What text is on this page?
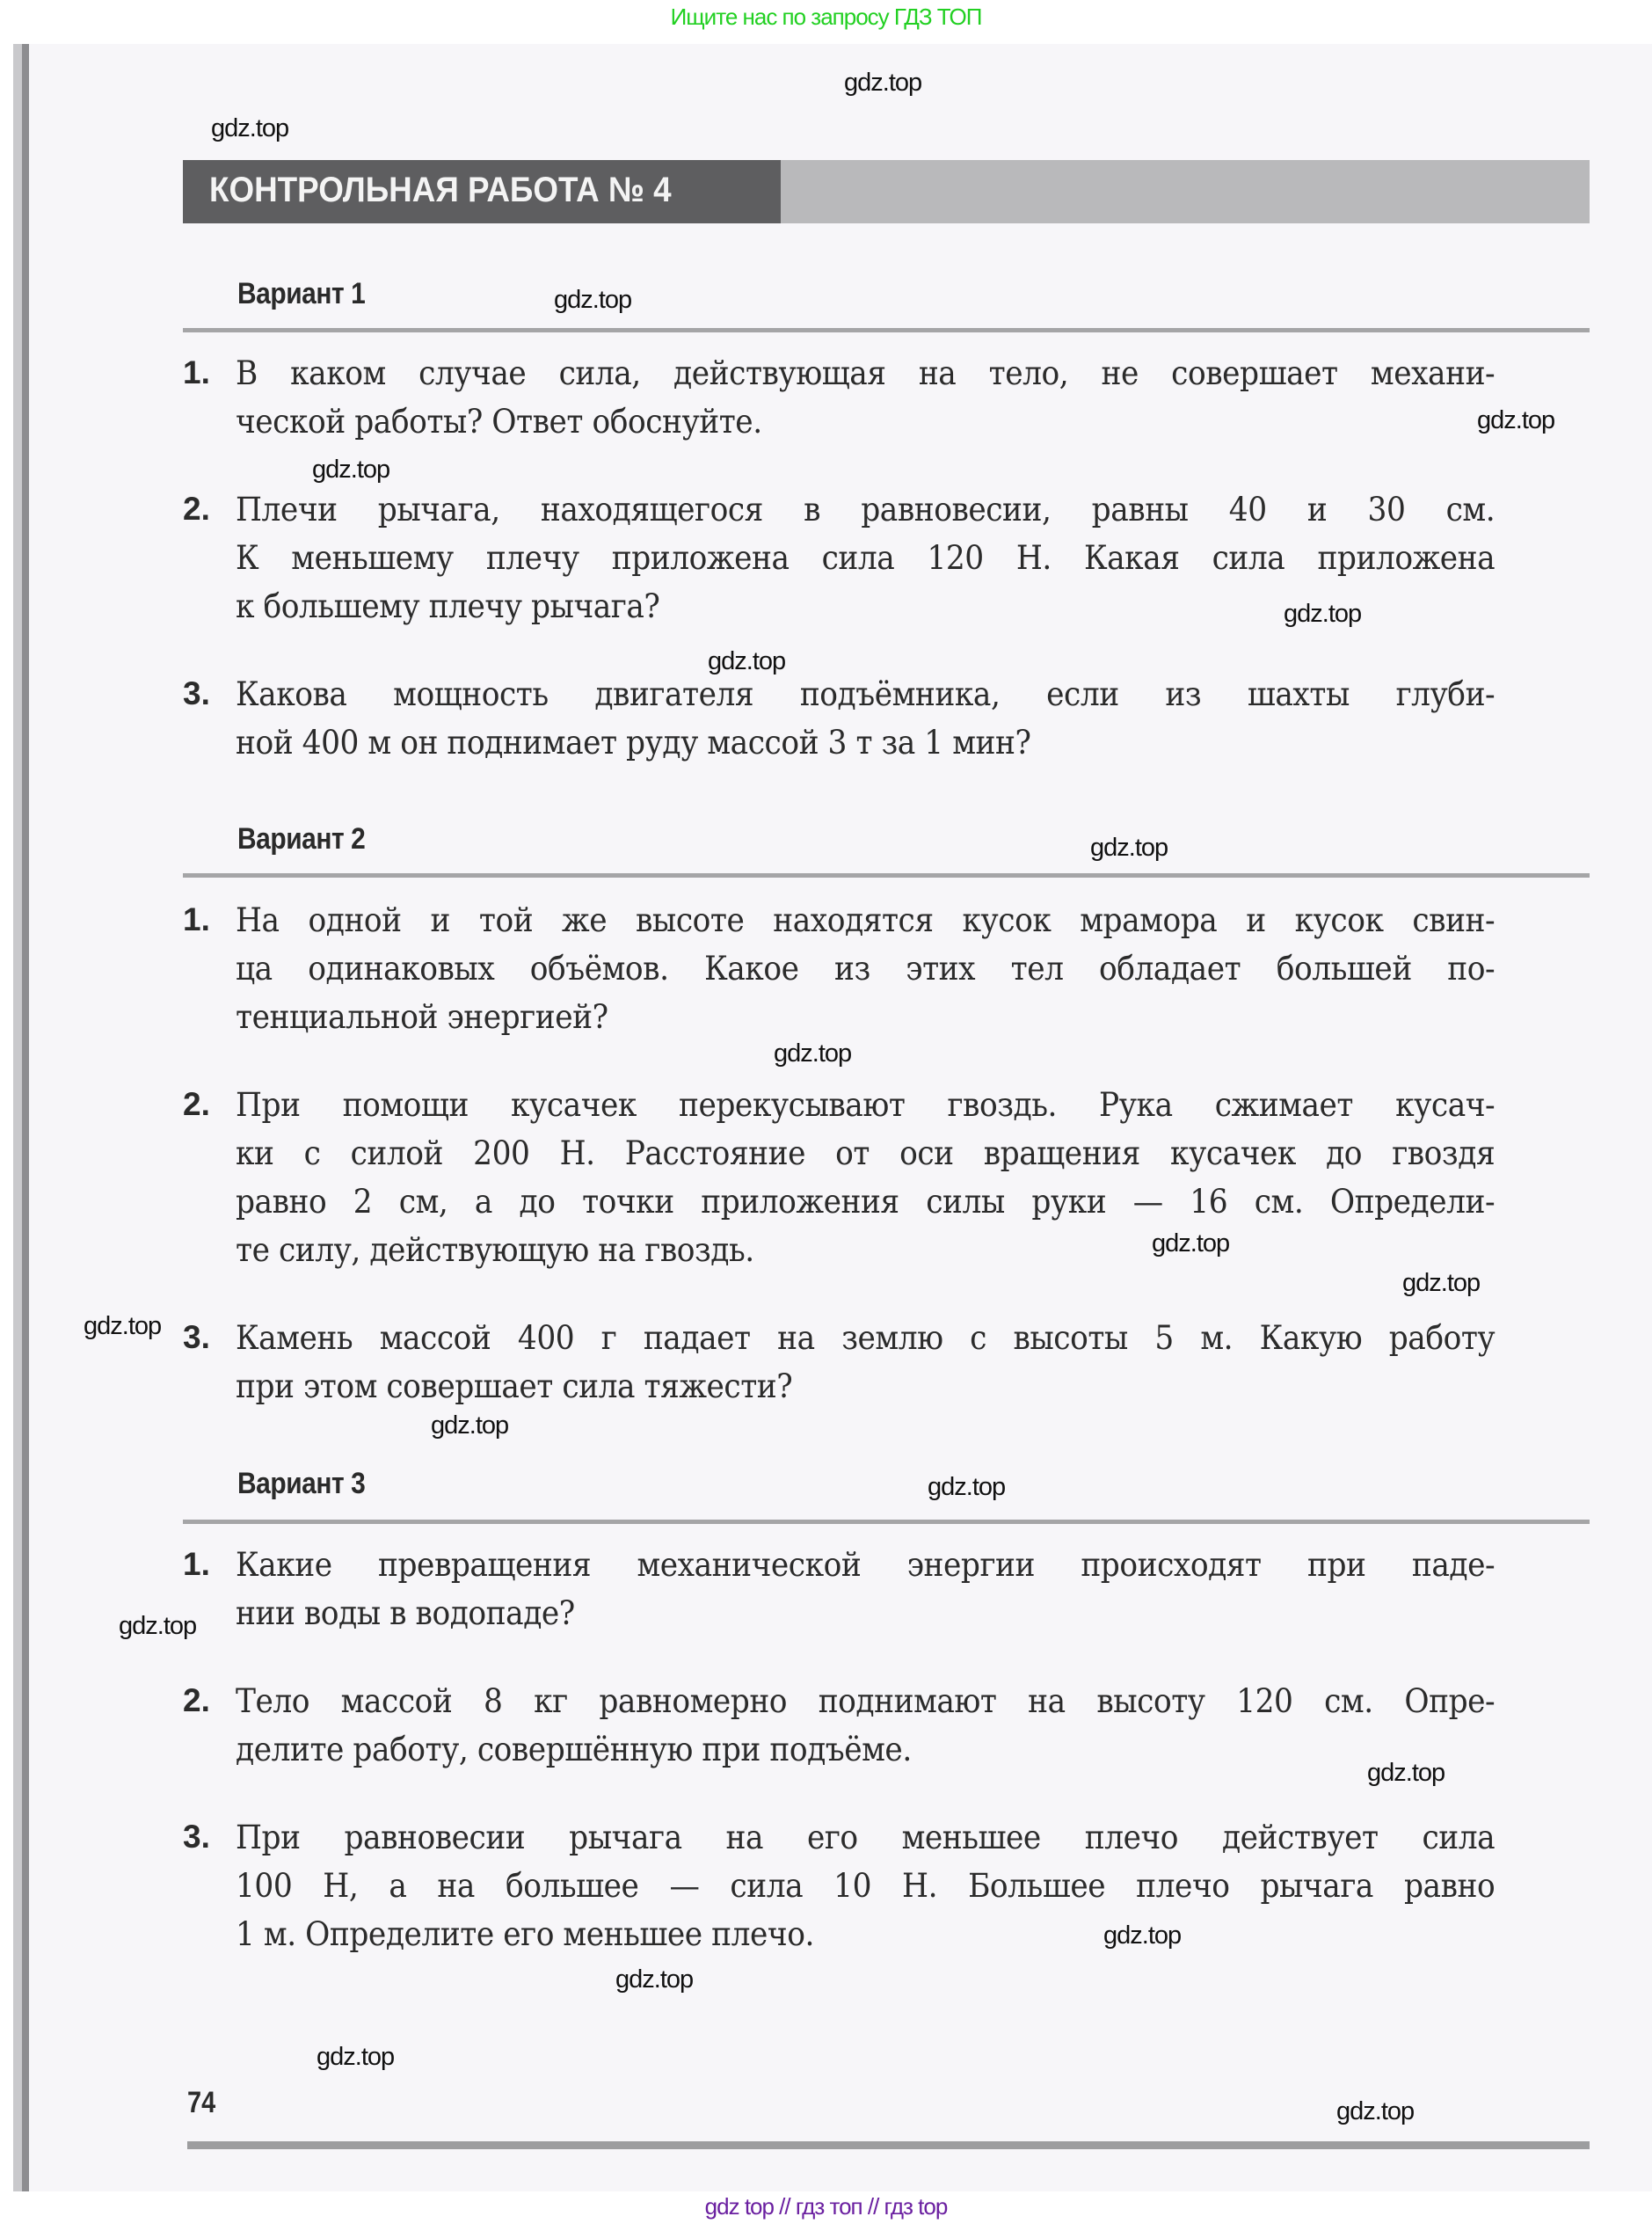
Ищите нас по запросу ГДЗ ТОП
КОНТРОЛЬНАЯ РАБОТА № 4
Вариант 1
1. В каком случае сила, действующая на тело, не совершает механи-
ческой работы? Ответ обоснуйте.
2. Плечи рычага, находящегося в равновесии, равны 40 и 30 см.
К меньшему плечу приложена сила 120 Н. Какая сила приложена
к большему плечу рычага?
3. Какова мощность двигателя подъёмника, если из шахты глуби-
ной 400 м он поднимает руду массой 3 т за 1 мин?
Вариант 2
1. На одной и той же высоте находятся кусок мрамора и кусок свин-
ца одинаковых объёмов. Какое из этих тел обладает большей по-
тенциальной энергией?
2. При помощи кусачек перекусывают гвоздь. Рука сжимает кусач-
ки с силой 200 Н. Расстояние от оси вращения кусачек до гвоздя
равно 2 см, а до точки приложения силы руки — 16 см. Определи-
те силу, действующую на гвоздь.
3. Камень массой 400 г падает на землю с высоты 5 м. Какую работу
при этом совершает сила тяжести?
Вариант 3
1. Какие превращения механической энергии происходят при паде-
нии воды в водопаде?
2. Тело массой 8 кг равномерно поднимают на высоту 120 см. Опре-
делите работу, совершённую при подъёме.
3. При равновесии рычага на его меньшее плечо действует сила
100 Н, а на большее — сила 10 Н. Большее плечо рычага равно
1 м. Определите его меньшее плечо.
74
gdz.top
gdz.top
gdz.top
gdz.top
gdz.top
gdz.top
gdz.top
gdz.top
gdz.top
gdz.top
gdz.top
gdz.top
gdz.top
gdz.top
gdz.top
gdz.top
gdz.top
gdz.top
gdz.top
gdz.top
gdz top // гдз топ // гдз top
